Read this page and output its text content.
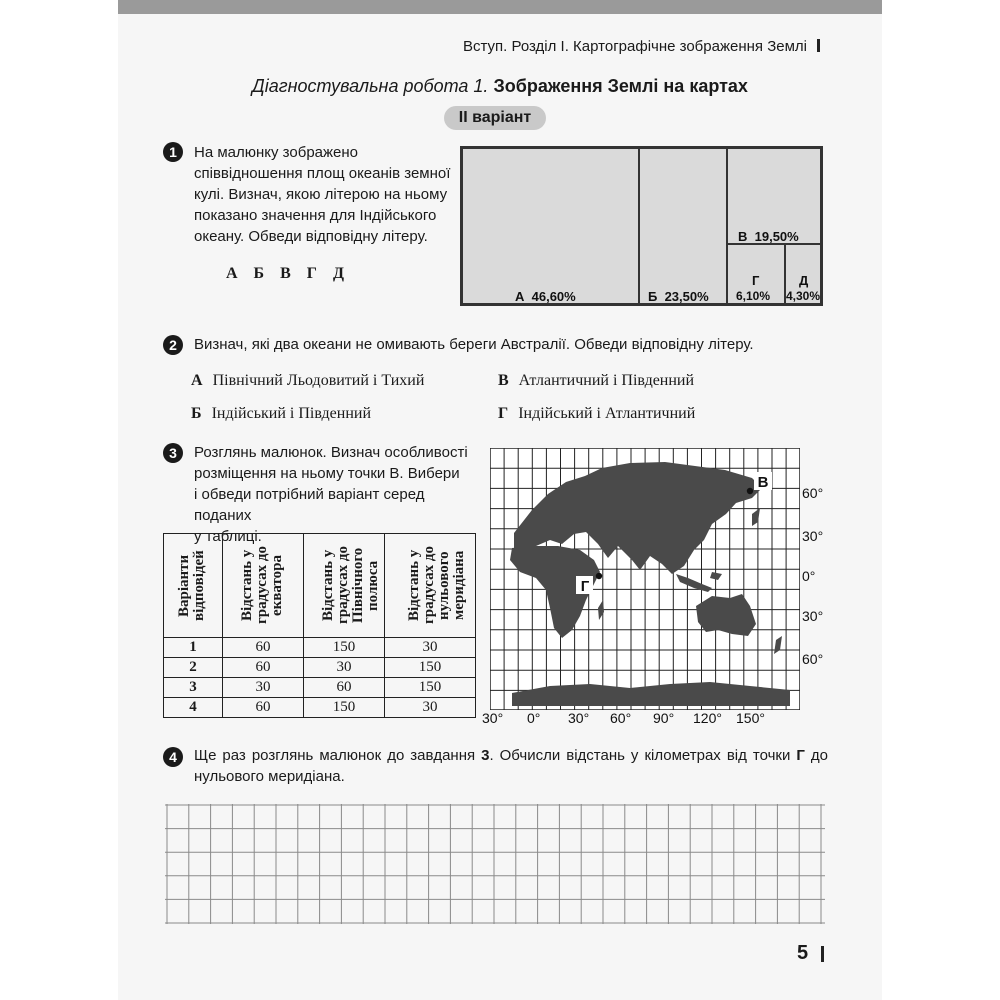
Вступ. Розділ І. Картографічне зображення Землі
Діагностувальна робота 1. Зображення Землі на картах
ІІ варіант
1	На малюнку зображено
співвідношення площ океанів земної
кулі. Визнач, якою літерою на ньому
показано значення для Індійського
океану. Обведи відповідну літеру.
А Б В Г Д
А 46,60%	Б 23,50%
В 19,50%
Г
6,10%
Д
4,30%
2	Визнач, які два океани не омивають береги Австралії. Обведи відповідну літеру.
А Північний Льодовитий і Тихий	В Атлантичний і Південний
Б Індійський і Південний	Г Індійський і Атлантичний
3	Розглянь малюнок. Визнач особливості
розміщення на ньому точки В. Вибери
і обведи потрібний варіант серед поданих
у таблиці.
Варіанти відповідей	Відстань у градусах до екватора	Відстань у градусах до Північного полюса	Відстань у градусах до нульового меридіана

1	60	150	30
2	60	30	150
3	30	60	150
4	60	150	30
В
Г
60°
30°
0°
30°
60°
30° 0° 30° 60° 90° 120° 150°
4	Ще раз розглянь малюнок до завдання 3. Обчисли відстань у кілометрах від точки Г до нульового меридіана.
5
